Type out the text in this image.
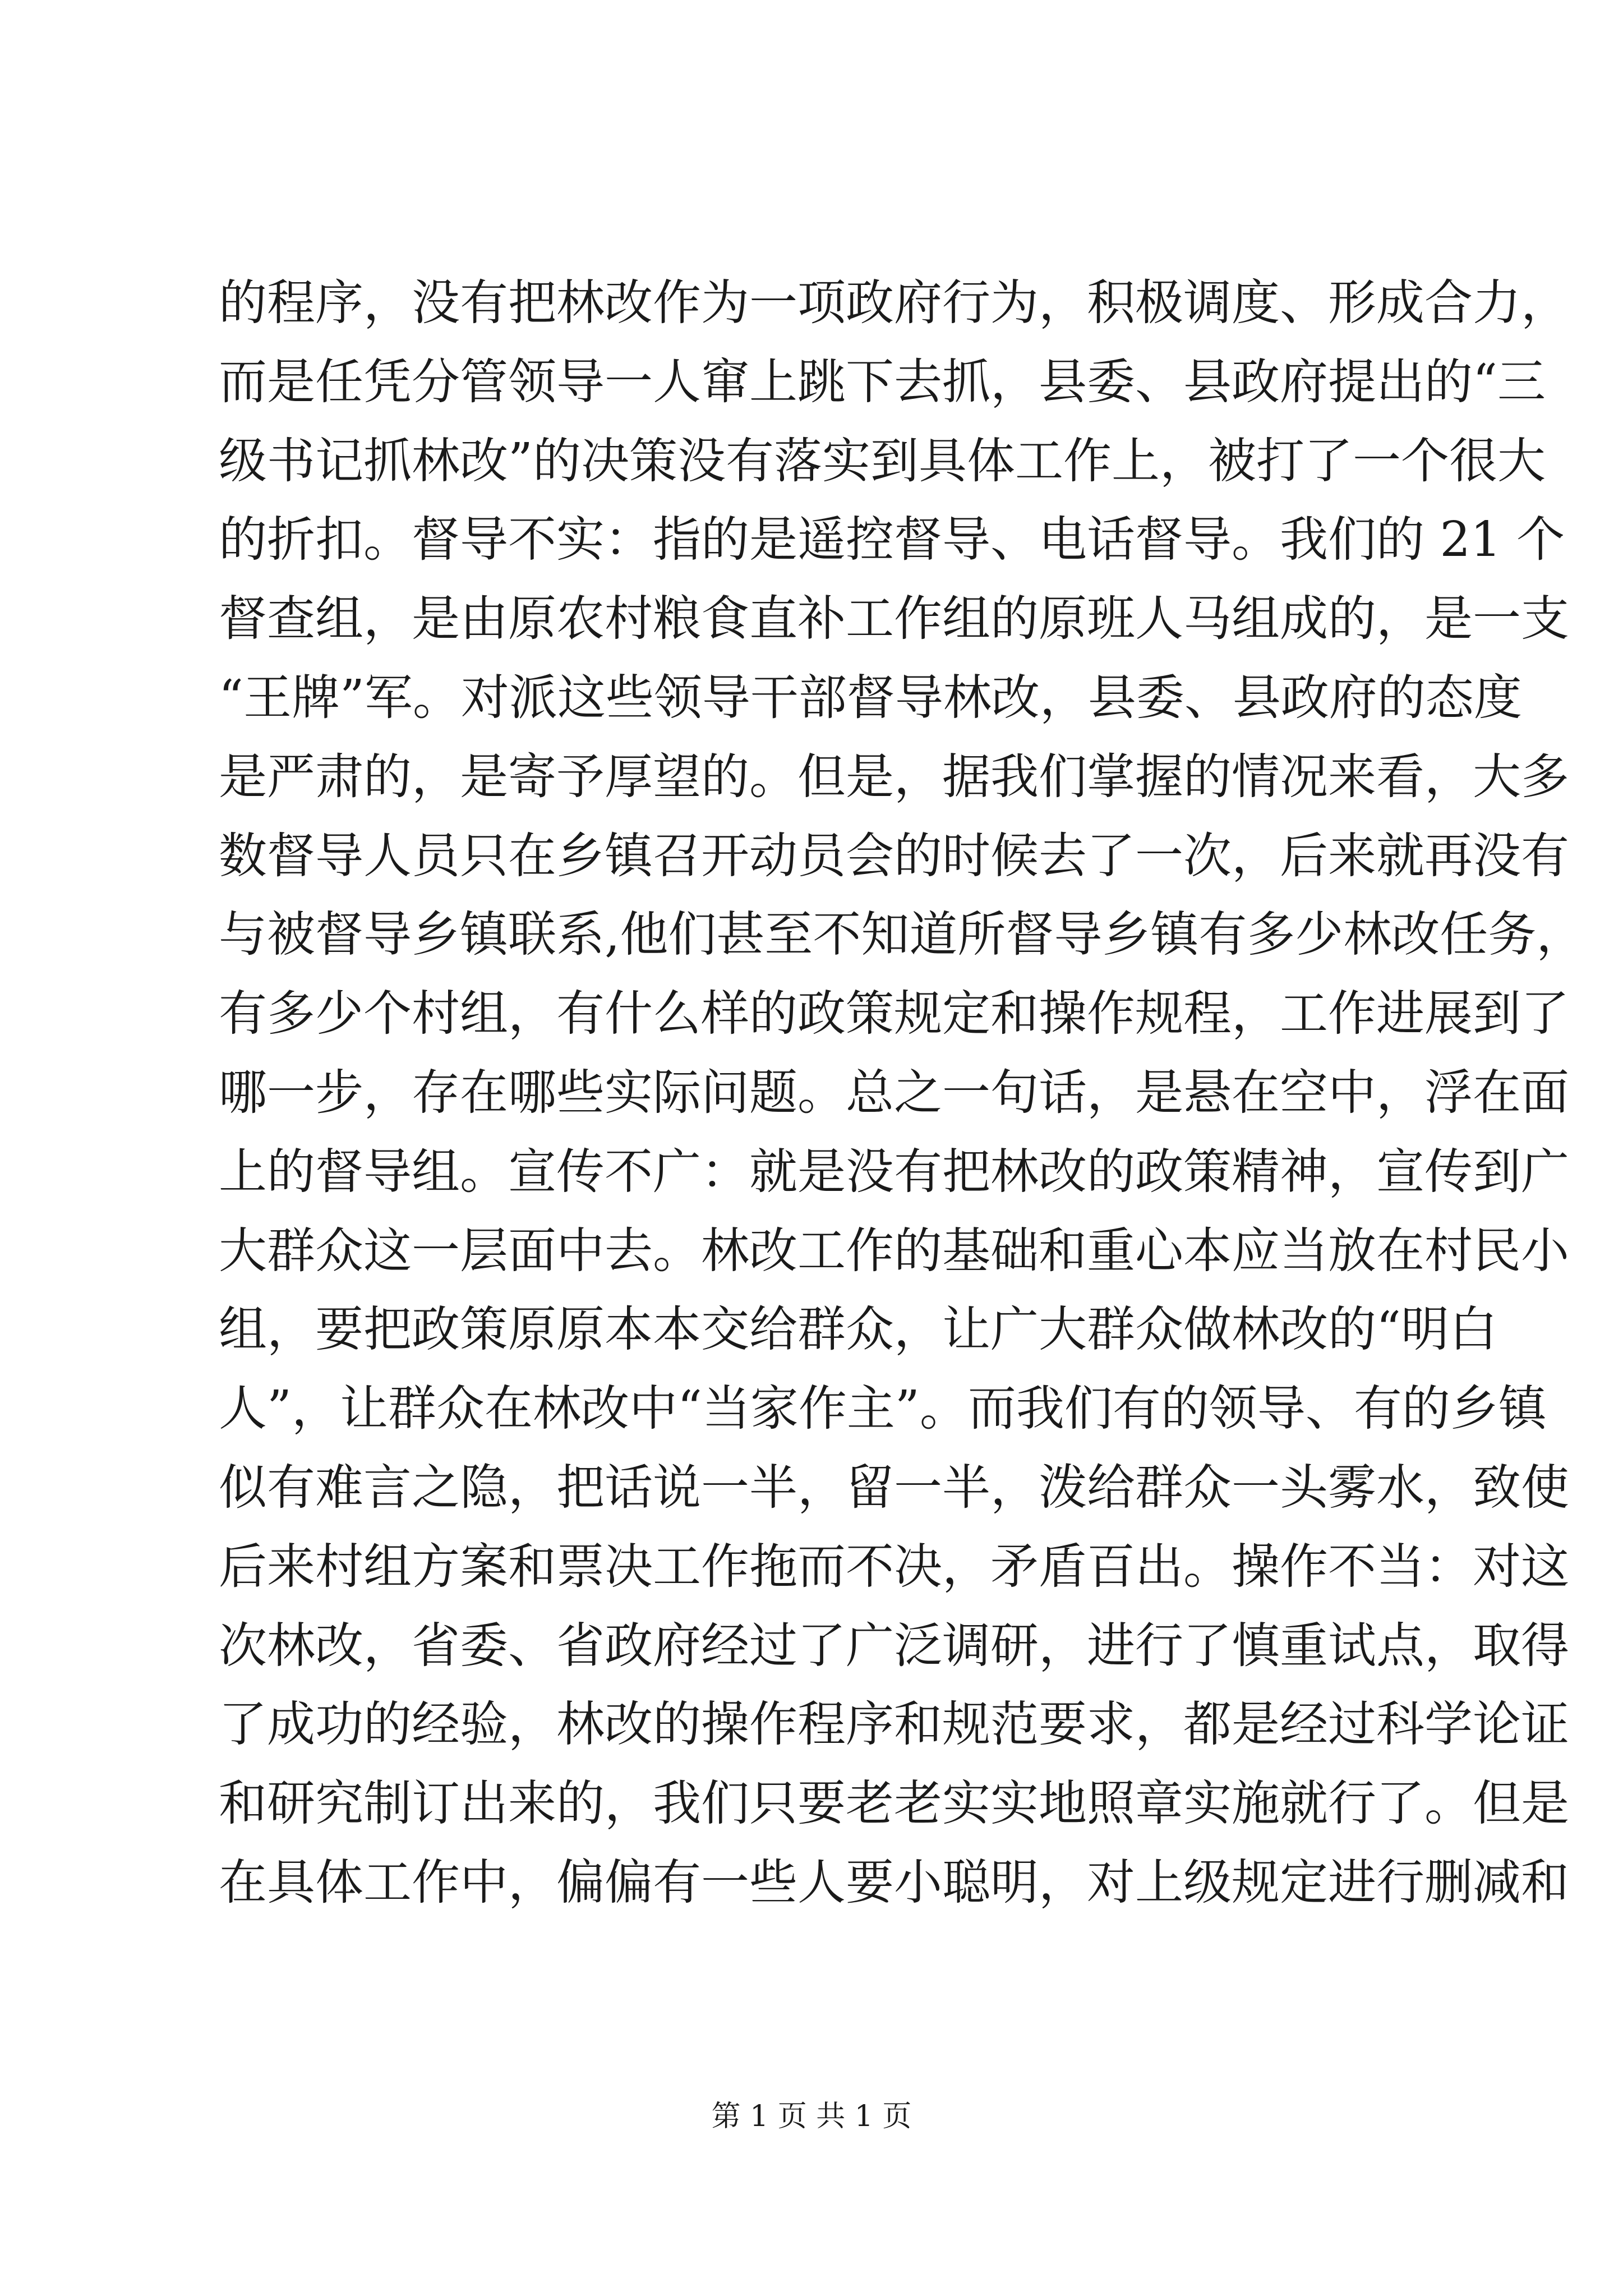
的程序，没有把林改作为一项政府行为，积极调度、形成合力，
而是任凭分管领导一人窜上跳下去抓，县委、县政府提出的“三
级书记抓林改”的决策没有落实到具体工作上，被打了一个很大
的折扣。督导不实：指的是遥控督导、电话督导。我们的 21 个
督查组，是由原农村粮食直补工作组的原班人马组成的，是一支
“王牌”军。对派这些领导干部督导林改，县委、县政府的态度
是严肃的，是寄予厚望的。但是，据我们掌握的情况来看，大多
数督导人员只在乡镇召开动员会的时候去了一次，后来就再没有
与被督导乡镇联系,他们甚至不知道所督导乡镇有多少林改任务，
有多少个村组，有什么样的政策规定和操作规程，工作进展到了
哪一步，存在哪些实际问题。总之一句话，是悬在空中，浮在面
上的督导组。宣传不广：就是没有把林改的政策精神，宣传到广
大群众这一层面中去。林改工作的基础和重心本应当放在村民小
组，要把政策原原本本交给群众，让广大群众做林改的“明白
人”，让群众在林改中“当家作主”。而我们有的领导、有的乡镇
似有难言之隐，把话说一半，留一半，泼给群众一头雾水，致使
后来村组方案和票决工作拖而不决，矛盾百出。操作不当：对这
次林改，省委、省政府经过了广泛调研，进行了慎重试点，取得
了成功的经验，林改的操作程序和规范要求，都是经过科学论证
和研究制订出来的，我们只要老老实实地照章实施就行了。但是
在具体工作中，偏偏有一些人要小聪明，对上级规定进行删减和
第 1 页 共 1 页
